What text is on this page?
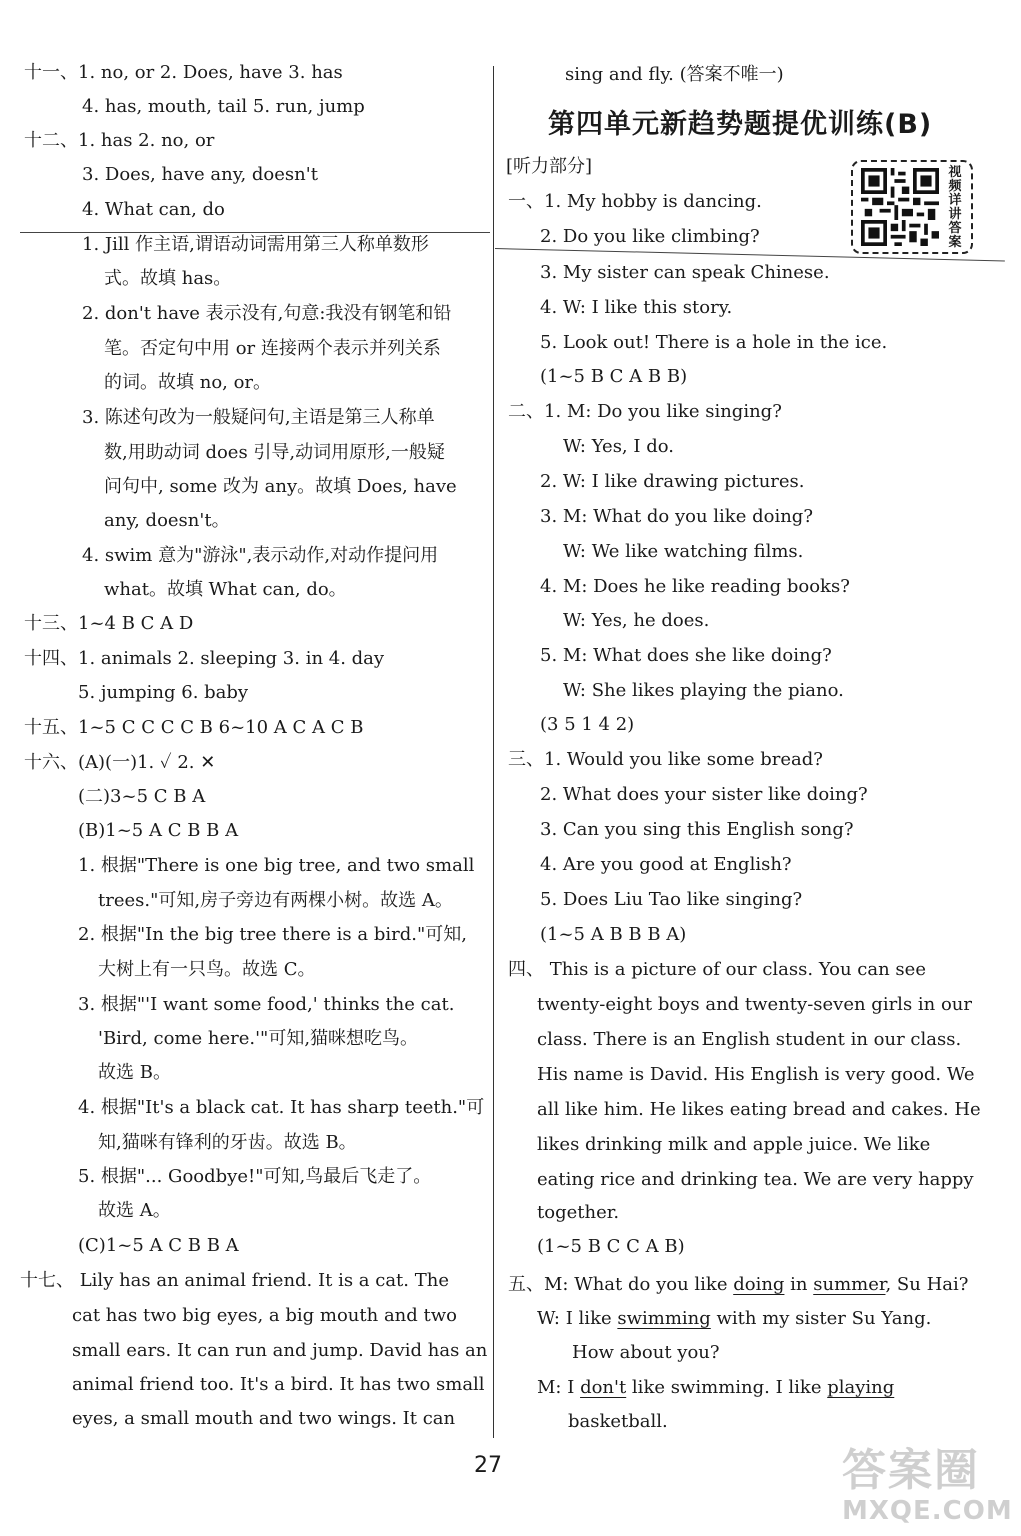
sing and fly. (答案不唯一)
第四单元新趋势题提优训练(B)
[听力部分]	视频详讲答案
五、M: What do you like doing in summer, Su Hai?
W: I like swimming with my sister Su Yang.
How about you?
M: I don't like swimming. I like playing
basketball.
27	答案圈
MXQE.COM
十一、1. no, or 2. Does, have 3. has
4. has, mouth, tail 5. run, jump
十二、1. has 2. no, or
3. Does, have any, doesn't
4. What can, do
1. Jill 作主语,谓语动词需用第三人称单数形
式。故填 has。
2. don't have 表示没有,句意:我没有钢笔和铅
笔。否定句中用 or 连接两个表示并列关系
的词。故填 no, or。
3. 陈述句改为一般疑问句,主语是第三人称单
数,用助动词 does 引导,动词用原形,一般疑
问句中, some 改为 any。故填 Does, have
any, doesn't。
4. swim 意为"游泳",表示动作,对动作提问用
what。故填 What can, do。
十三、1~4 B C A D
十四、1. animals 2. sleeping 3. in 4. day
5. jumping 6. baby
十五、1~5 C C C C B 6~10 A C A C B
十六、(A)(一)1. ✓ 2. ✕
(二)3~5 C B A
(B)1~5 A C B B A
1. 根据"There is one big tree, and two small
trees."可知,房子旁边有两棵小树。故选 A。
2. 根据"In the big tree there is a bird."可知,
大树上有一只鸟。故选 C。
3. 根据"'I want some food,' thinks the cat.
'Bird, come here.'"可知,猫咪想吃鸟。
故选 B。
4. 根据"It's a black cat. It has sharp teeth."可
知,猫咪有锋利的牙齿。故选 B。
5. 根据"... Goodbye!"可知,鸟最后飞走了。
故选 A。
(C)1~5 A C B B A
十七、 Lily has an animal friend. It is a cat. The
cat has two big eyes, a big mouth and two
small ears. It can run and jump. David has an
animal friend too. It's a bird. It has two small
eyes, a small mouth and two wings. It can
一、1. My hobby is dancing.
2. Do you like climbing?
3. My sister can speak Chinese.
4. W: I like this story.
5. Look out! There is a hole in the ice.
(1~5 B C A B B)
二、1. M: Do you like singing?
W: Yes, I do.
2. W: I like drawing pictures.
3. M: What do you like doing?
W: We like watching films.
4. M: Does he like reading books?
W: Yes, he does.
5. M: What does she like doing?
W: She likes playing the piano.
(3 5 1 4 2)
三、1. Would you like some bread?
2. What does your sister like doing?
3. Can you sing this English song?
4. Are you good at English?
5. Does Liu Tao like singing?
(1~5 A B B B A)
四、 This is a picture of our class. You can see
twenty-eight boys and twenty-seven girls in our
class. There is an English student in our class.
His name is David. His English is very good. We
all like him. He likes eating bread and cakes. He
likes drinking milk and apple juice. We like
eating rice and drinking tea. We are very happy
together.
(1~5 B C C A B)
